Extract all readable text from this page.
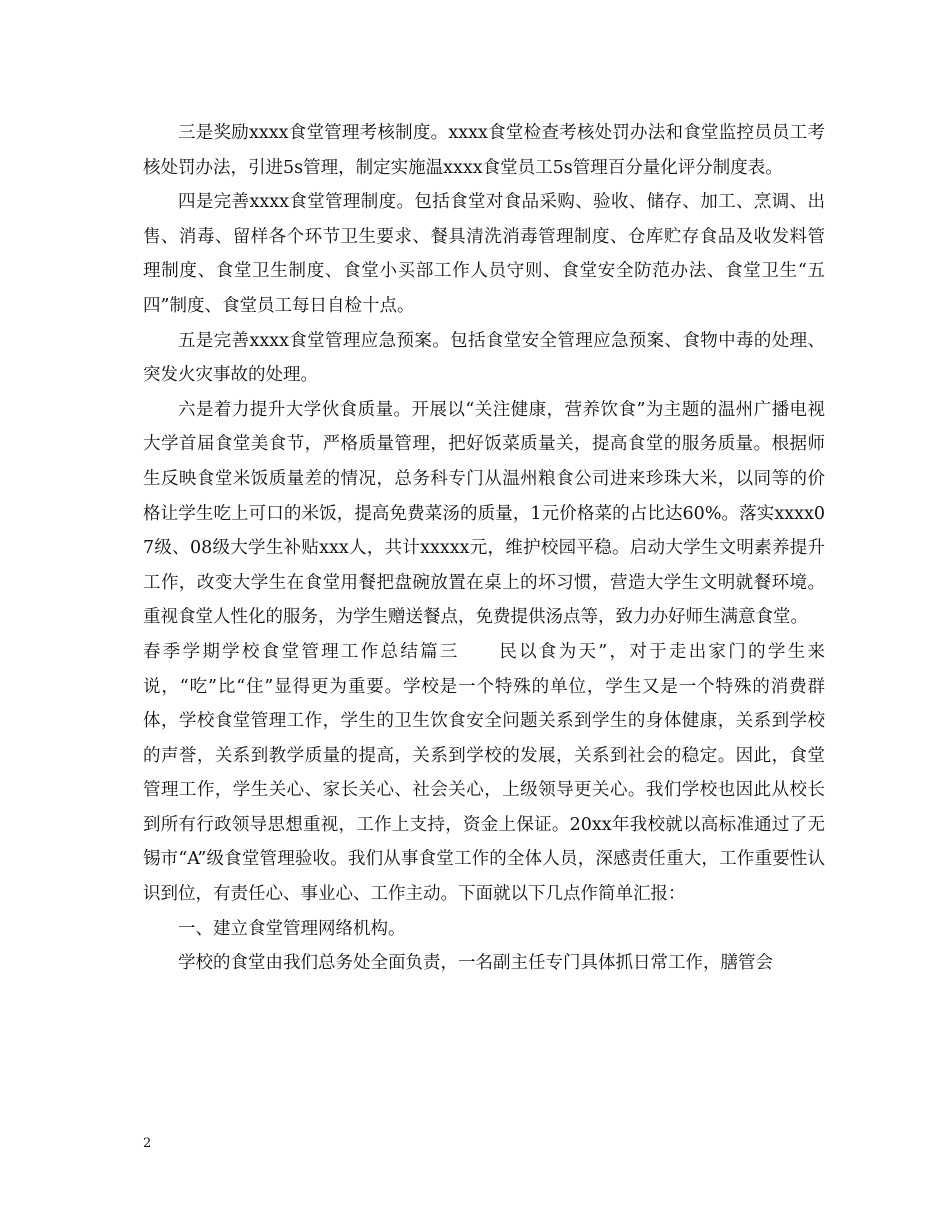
三是奖励xxxx食堂管理考核制度。xxxx食堂检查考核处罚办法和食堂监控员员工考核处罚办法，引进5s管理，制定实施温xxxx食堂员工5s管理百分量化评分制度表。

四是完善xxxx食堂管理制度。包括食堂对食品采购、验收、储存、加工、烹调、出售、消毒、留样各个环节卫生要求、餐具清洗消毒管理制度、仓库贮存食品及收发料管理制度、食堂卫生制度、食堂小买部工作人员守则、食堂安全防范办法、食堂卫生“五四”制度、食堂员工每日自检十点。

五是完善xxxx食堂管理应急预案。包括食堂安全管理应急预案、食物中毒的处理、突发火灾事故的处理。

六是着力提升大学伙食质量。开展以“关注健康，营养饮食”为主题的温州广播电视大学首届食堂美食节，严格质量管理，把好饭菜质量关，提高食堂的服务质量。根据师生反映食堂米饭质量差的情况，总务科专门从温州粮食公司进来珍珠大米，以同等的价格让学生吃上可口的米饭，提高免费菜汤的质量，1元价格菜的占比达60%。落实xxxx07级、08级大学生补贴xxx人，共计xxxxx元，维护校园平稳。启动大学生文明素养提升工作，改变大学生在食堂用餐把盘碗放置在桌上的坏习惯，营造大学生文明就餐环境。重视食堂人性化的服务，为学生赠送餐点，免费提供汤点等，致力办好师生满意食堂。

春季学期学校食堂管理工作总结篇三　　民以食为天”，对于走出家门的学生来说，“吃”比“住”显得更为重要。学校是一个特殊的单位，学生又是一个特殊的消费群体，学校食堂管理工作，学生的卫生饮食安全问题关系到学生的身体健康，关系到学校的声誉，关系到教学质量的提高，关系到学校的发展，关系到社会的稳定。因此，食堂管理工作，学生关心、家长关心、社会关心，上级领导更关心。我们学校也因此从校长到所有行政领导思想重视，工作上支持，资金上保证。20xx年我校就以高标准通过了无锡市“A”级食堂管理验收。我们从事食堂工作的全体人员，深感责任重大，工作重要性认识到位，有责任心、事业心、工作主动。下面就以下几点作简单汇报：

一、建立食堂管理网络机构。

学校的食堂由我们总务处全面负责，一名副主任专门具体抓日常工作，膳管会

2
